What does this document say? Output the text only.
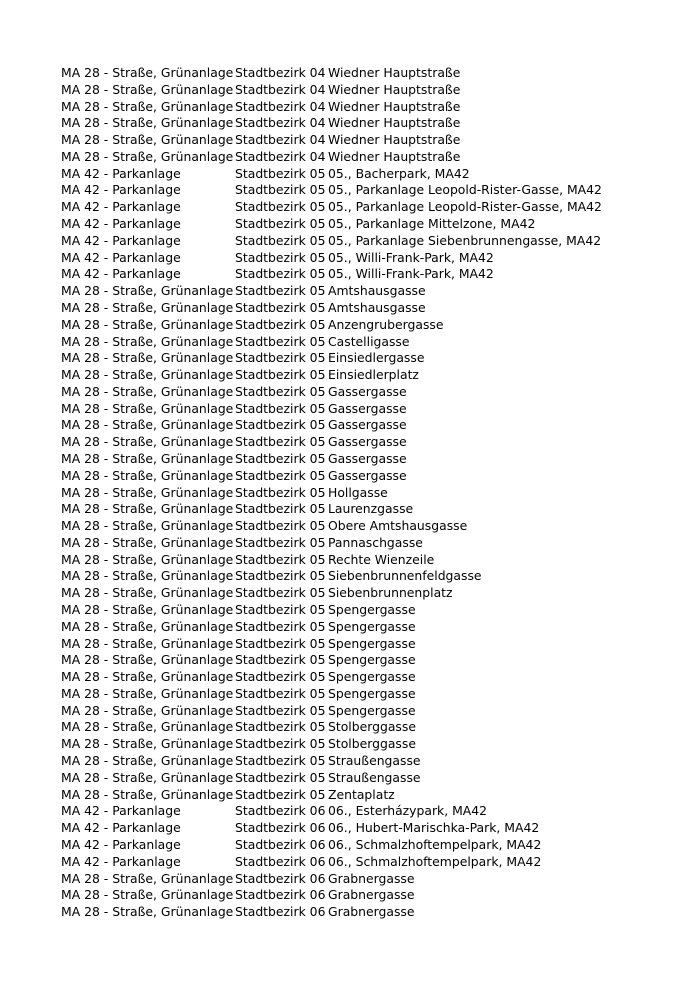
MA 28 - Straße, Grünanlage	Stadtbezirk 04	Wiedner Hauptstraße
MA 28 - Straße, Grünanlage	Stadtbezirk 04	Wiedner Hauptstraße
MA 28 - Straße, Grünanlage	Stadtbezirk 04	Wiedner Hauptstraße
MA 28 - Straße, Grünanlage	Stadtbezirk 04	Wiedner Hauptstraße
MA 28 - Straße, Grünanlage	Stadtbezirk 04	Wiedner Hauptstraße
MA 28 - Straße, Grünanlage	Stadtbezirk 04	Wiedner Hauptstraße
MA 42 - Parkanlage	Stadtbezirk 05	05., Bacherpark, MA42
MA 42 - Parkanlage	Stadtbezirk 05	05., Parkanlage Leopold-Rister-Gasse, MA42
MA 42 - Parkanlage	Stadtbezirk 05	05., Parkanlage Leopold-Rister-Gasse, MA42
MA 42 - Parkanlage	Stadtbezirk 05	05., Parkanlage Mittelzone, MA42
MA 42 - Parkanlage	Stadtbezirk 05	05., Parkanlage Siebenbrunnengasse, MA42
MA 42 - Parkanlage	Stadtbezirk 05	05., Willi-Frank-Park, MA42
MA 42 - Parkanlage	Stadtbezirk 05	05., Willi-Frank-Park, MA42
MA 28 - Straße, Grünanlage	Stadtbezirk 05	Amtshausgasse
MA 28 - Straße, Grünanlage	Stadtbezirk 05	Amtshausgasse
MA 28 - Straße, Grünanlage	Stadtbezirk 05	Anzengrubergasse
MA 28 - Straße, Grünanlage	Stadtbezirk 05	Castelligasse
MA 28 - Straße, Grünanlage	Stadtbezirk 05	Einsiedlergasse
MA 28 - Straße, Grünanlage	Stadtbezirk 05	Einsiedlerplatz
MA 28 - Straße, Grünanlage	Stadtbezirk 05	Gassergasse
MA 28 - Straße, Grünanlage	Stadtbezirk 05	Gassergasse
MA 28 - Straße, Grünanlage	Stadtbezirk 05	Gassergasse
MA 28 - Straße, Grünanlage	Stadtbezirk 05	Gassergasse
MA 28 - Straße, Grünanlage	Stadtbezirk 05	Gassergasse
MA 28 - Straße, Grünanlage	Stadtbezirk 05	Gassergasse
MA 28 - Straße, Grünanlage	Stadtbezirk 05	Hollgasse
MA 28 - Straße, Grünanlage	Stadtbezirk 05	Laurenzgasse
MA 28 - Straße, Grünanlage	Stadtbezirk 05	Obere Amtshausgasse
MA 28 - Straße, Grünanlage	Stadtbezirk 05	Pannaschgasse
MA 28 - Straße, Grünanlage	Stadtbezirk 05	Rechte Wienzeile
MA 28 - Straße, Grünanlage	Stadtbezirk 05	Siebenbrunnenfeldgasse
MA 28 - Straße, Grünanlage	Stadtbezirk 05	Siebenbrunnenplatz
MA 28 - Straße, Grünanlage	Stadtbezirk 05	Spengergasse
MA 28 - Straße, Grünanlage	Stadtbezirk 05	Spengergasse
MA 28 - Straße, Grünanlage	Stadtbezirk 05	Spengergasse
MA 28 - Straße, Grünanlage	Stadtbezirk 05	Spengergasse
MA 28 - Straße, Grünanlage	Stadtbezirk 05	Spengergasse
MA 28 - Straße, Grünanlage	Stadtbezirk 05	Spengergasse
MA 28 - Straße, Grünanlage	Stadtbezirk 05	Spengergasse
MA 28 - Straße, Grünanlage	Stadtbezirk 05	Stolberggasse
MA 28 - Straße, Grünanlage	Stadtbezirk 05	Stolberggasse
MA 28 - Straße, Grünanlage	Stadtbezirk 05	Straußengasse
MA 28 - Straße, Grünanlage	Stadtbezirk 05	Straußengasse
MA 28 - Straße, Grünanlage	Stadtbezirk 05	Zentaplatz
MA 42 - Parkanlage	Stadtbezirk 06	06., Esterházypark, MA42
MA 42 - Parkanlage	Stadtbezirk 06	06., Hubert-Marischka-Park, MA42
MA 42 - Parkanlage	Stadtbezirk 06	06., Schmalzhoftempelpark, MA42
MA 42 - Parkanlage	Stadtbezirk 06	06., Schmalzhoftempelpark, MA42
MA 28 - Straße, Grünanlage	Stadtbezirk 06	Grabnergasse
MA 28 - Straße, Grünanlage	Stadtbezirk 06	Grabnergasse
MA 28 - Straße, Grünanlage	Stadtbezirk 06	Grabnergasse
